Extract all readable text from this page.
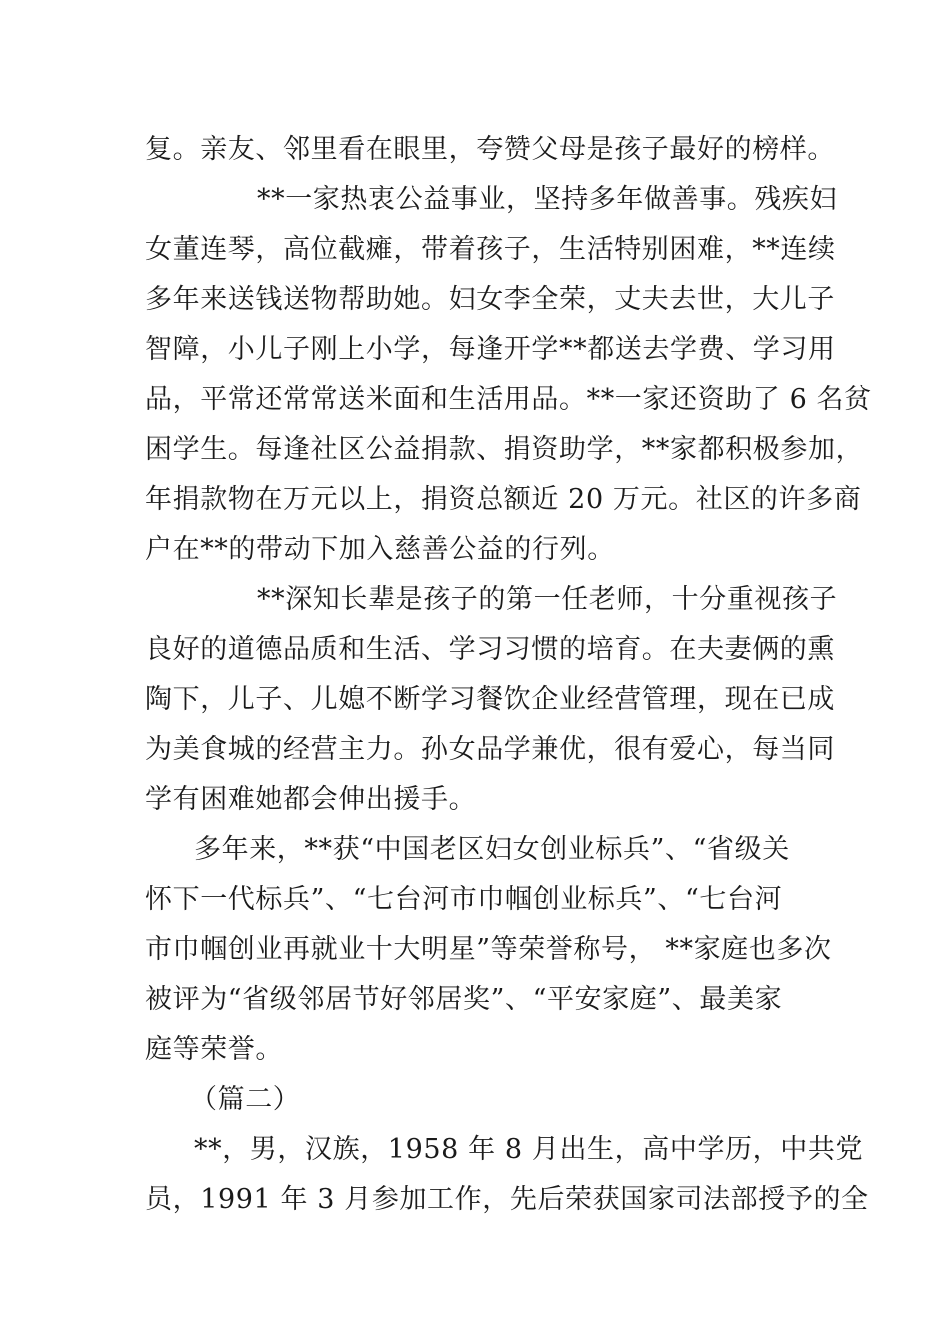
复。亲友、邻里看在眼里，夸赞父母是孩子最好的榜样。
**一家热衷公益事业，坚持多年做善事。残疾妇
女董连琴，高位截瘫，带着孩子，生活特别困难，**连续
多年来送钱送物帮助她。妇女李全荣，丈夫去世，大儿子
智障，小儿子刚上小学，每逢开学**都送去学费、学习用
品，平常还常常送米面和生活用品。**一家还资助了 6 名贫
困学生。每逢社区公益捐款、捐资助学，**家都积极参加，
年捐款物在万元以上，捐资总额近 20 万元。社区的许多商
户在**的带动下加入慈善公益的行列。
**深知长辈是孩子的第一任老师，十分重视孩子
良好的道德品质和生活、学习习惯的培育。在夫妻俩的熏
陶下，儿子、儿媳不断学习餐饮企业经营管理，现在已成
为美食城的经营主力。孙女品学兼优，很有爱心，每当同
学有困难她都会伸出援手。
多年来，**获“中国老区妇女创业标兵”、“省级关
怀下一代标兵”、“七台河市巾帼创业标兵”、“七台河
市巾帼创业再就业十大明星”等荣誉称号， **家庭也多次
被评为“省级邻居节好邻居奖”、“平安家庭”、最美家
庭等荣誉。
（篇二）
**，男，汉族，1958 年 8 月出生，高中学历，中共党
员，1991 年 3 月参加工作，先后荣获国家司法部授予的全
